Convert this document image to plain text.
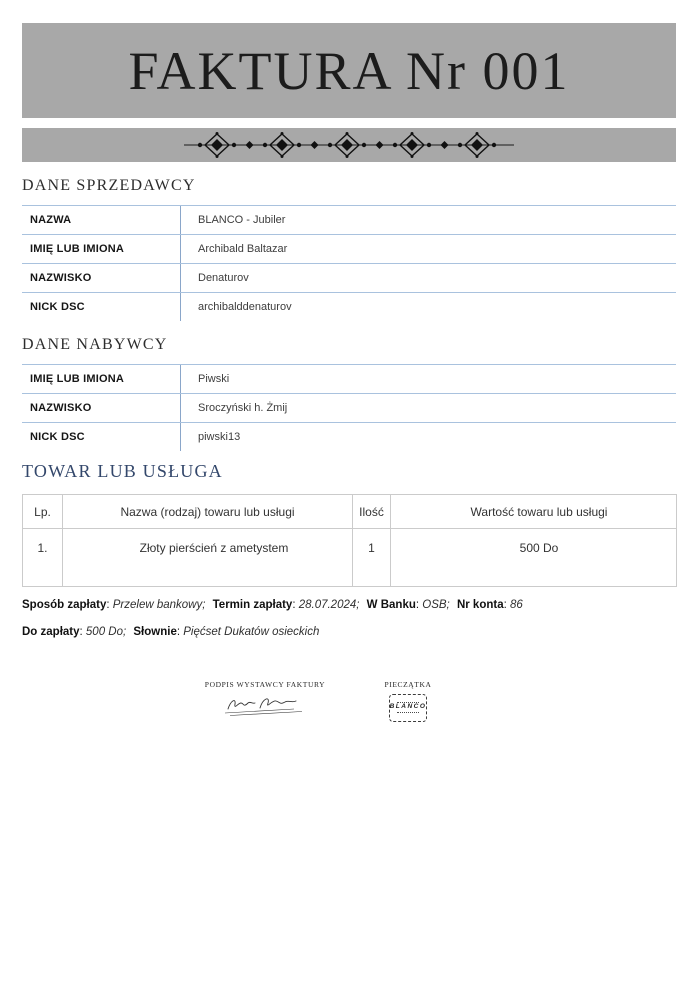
FAKTURA Nr 001
DANE SPRZEDAWCY
NAZWA	BLANCO - Jubiler
IMIĘ LUB IMIONA	Archibald Baltazar
NAZWISKO	Denaturov
NICK DSC	archibalddenaturov
DANE NABYWCY
IMIĘ LUB IMIONA	Piwski
NAZWISKO	Sroczyński h. Żmij
NICK DSC	piwski13
TOWAR LUB USŁUGA
Lp.	Nazwa (rodzaj) towaru lub usługi	Ilość	Wartość towaru lub usługi
1.	Złoty pierścień z ametystem	1	500 Do

Sposób zapłaty: Przelew bankowy; Termin zapłaty: 28.07.2024; W Banku: OSB; Nr konta: 86

Do zapłaty: 500 Do; Słownie: Pięćset Dukatów osieckich

PODPIS WYSTAWCY FAKTURY	PIECZĄTKA
BLANCO
